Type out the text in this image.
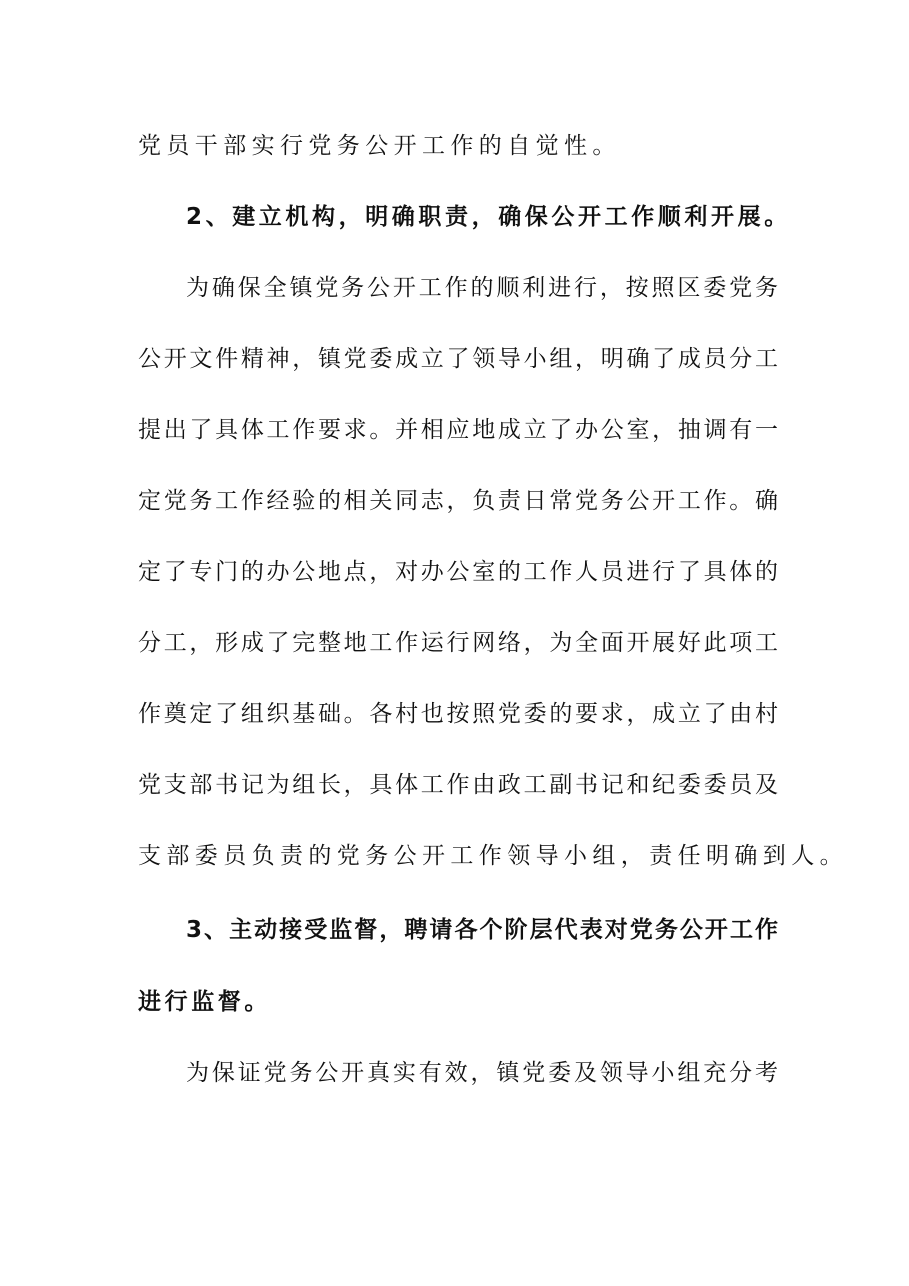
党员干部实行党务公开工作的自觉性。
2、建立机构，明确职责，确保公开工作顺利开展。
为确保全镇党务公开工作的顺利进行，按照区委党务
公开文件精神，镇党委成立了领导小组，明确了成员分工
提出了具体工作要求。并相应地成立了办公室，抽调有一
定党务工作经验的相关同志，负责日常党务公开工作。确
定了专门的办公地点，对办公室的工作人员进行了具体的
分工，形成了完整地工作运行网络，为全面开展好此项工
作奠定了组织基础。各村也按照党委的要求，成立了由村
党支部书记为组长，具体工作由政工副书记和纪委委员及
支部委员负责的党务公开工作领导小组，责任明确到人。
3、主动接受监督，聘请各个阶层代表对党务公开工作
进行监督。
为保证党务公开真实有效，镇党委及领导小组充分考
